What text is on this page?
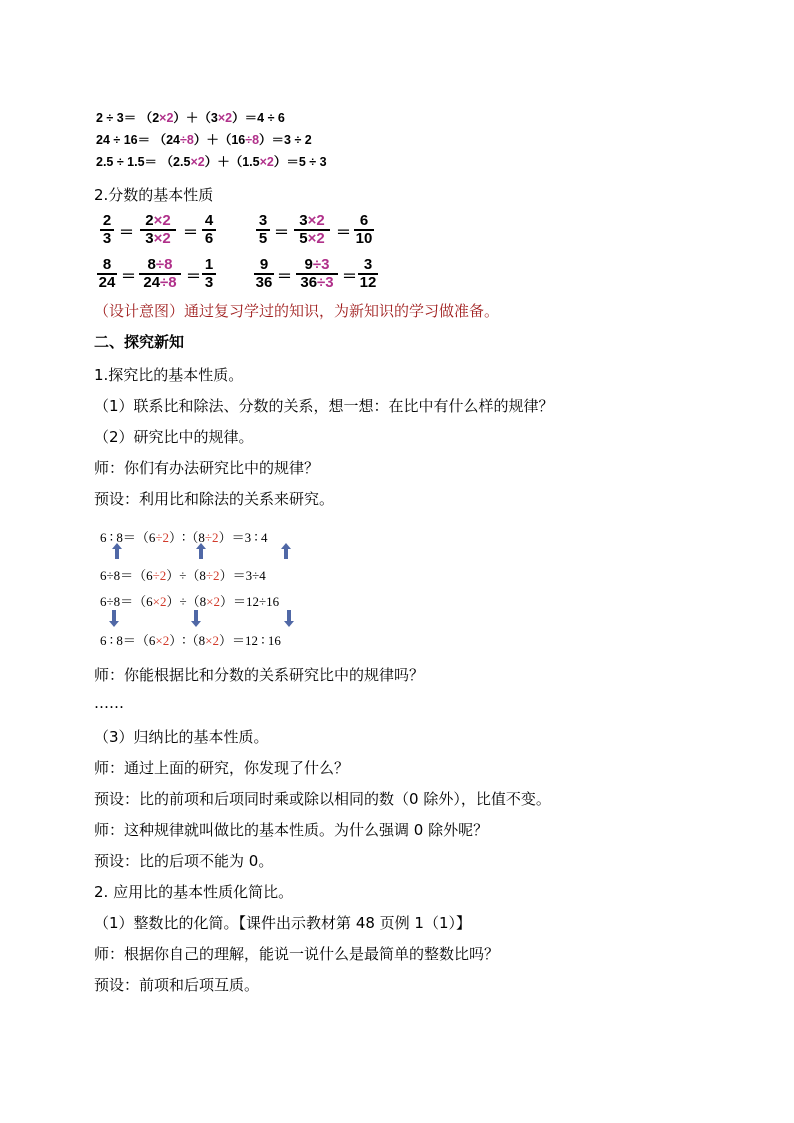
2 ÷ 3＝ （2×2）＋（3×2）＝4 ÷ 6
24 ÷ 16＝ （24÷8）＋（16÷8）＝3 ÷ 2
2.5 ÷ 1.5＝ （2.5×2）＋（1.5×2）＝5 ÷ 3
2.分数的基本性质
2
3 ＝
2×2
3×2 ＝
4
6
3
5 ＝
3×2
5×2 ＝
6
10
8
24 ＝
8÷8
24÷8 ＝
1
3
9
36 ＝
9÷3
36÷3 ＝
3
12
（设计意图）通过复习学过的知识，为新知识的学习做准备。
二、探究新知
1.探究比的基本性质。
（1）联系比和除法、分数的关系，想一想：在比中有什么样的规律？
（2）研究比中的规律。
师：你们有办法研究比中的规律？
预设：利用比和除法的关系来研究。
6 ∶ 8＝（6÷2）∶（8÷2）＝3 ∶ 4
6÷8＝（6÷2）÷（8÷2）＝3÷4
6÷8＝（6×2）÷（8×2）＝12÷16
6 ∶ 8＝（6×2）∶（8×2）＝12 ∶ 16
师：你能根据比和分数的关系研究比中的规律吗？
……
（3）归纳比的基本性质。
师：通过上面的研究，你发现了什么？
预设：比的前项和后项同时乘或除以相同的数（0 除外），比值不变。
师：这种规律就叫做比的基本性质。为什么强调 0 除外呢？
预设：比的后项不能为 0。
2. 应用比的基本性质化简比。
（1）整数比的化简。【课件出示教材第 48 页例 1（1）】
师：根据你自己的理解，能说一说什么是最简单的整数比吗？
预设：前项和后项互质。
